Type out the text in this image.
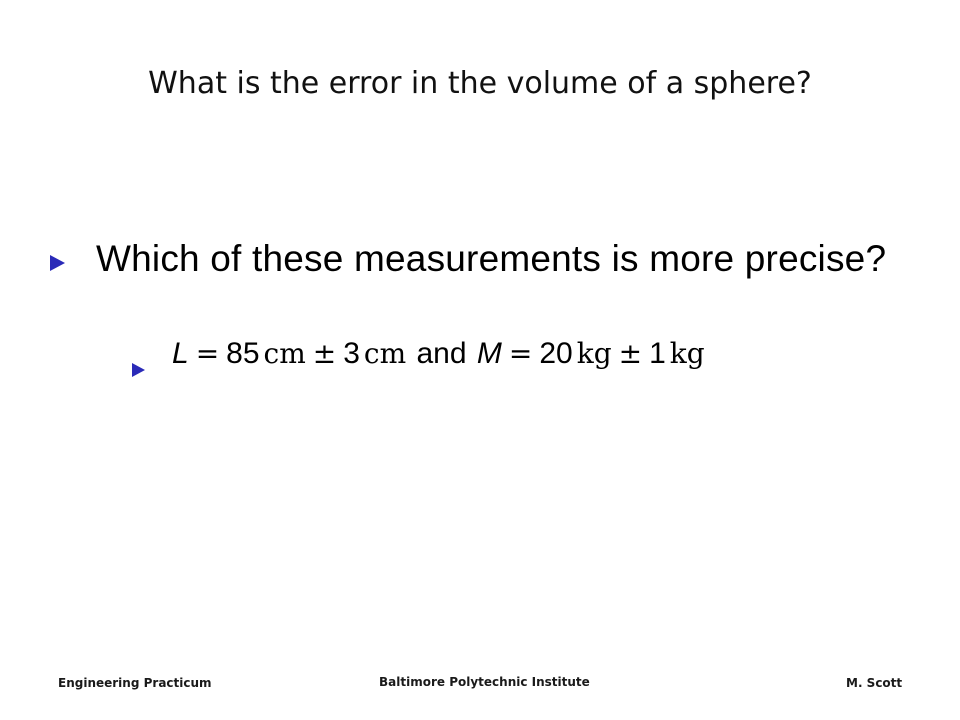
What is the error in the volume of a sphere?
Which of these measurements is more precise?
L = 85 cm ± 3 cm and M = 20 kg ± 1 kg
Engineering Practicum	Baltimore Polytechnic Institute	M. Scott
